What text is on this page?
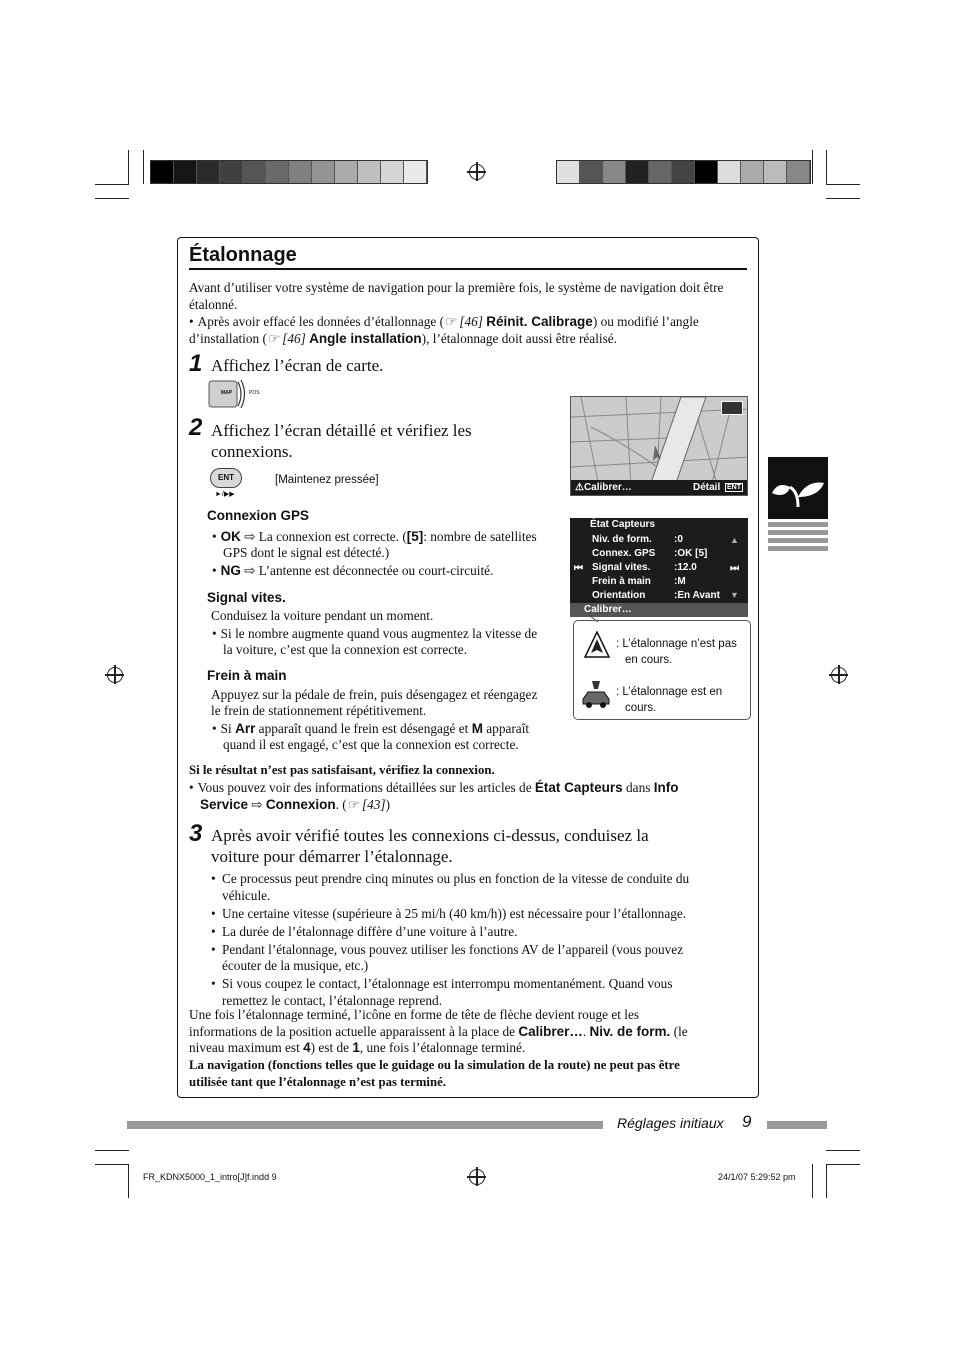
Étalonnage
Avant d’utiliser votre système de navigation pour la première fois, le système de navigation doit être étalonné.
• Après avoir effacé les données d’étallonnage (☞ [46] Réinit. Calibrage) ou modifié l’angle d’installation (☞ [46] Angle installation), l’étalonnage doit aussi être réalisé.
1 Affichez l’écran de carte.
MAP	POS
2 Affichez l’écran détaillé et vérifiez les
connexions.
ENT
►/▶▶
[Maintenez pressée]
Connexion GPS
• OK ⇨ La connexion est correcte. ([5]: nombre de satellites
GPS dont le signal est détecté.)
• NG ⇨ L’antenne est déconnectée ou court-circuité.
Signal vites.
Conduisez la voiture pendant un moment.
• Si le nombre augmente quand vous augmentez la vitesse de
la voiture, c’est que la connexion est correcte.
Frein à main
Appuyez sur la pédale de frein, puis désengagez et réengagez
le frein de stationnement répétitivement.
• Si Arr apparaît quand le frein est désengagé et M apparaît
quand il est engagé, c’est que la connexion est correcte.
Si le résultat n’est pas satisfaisant, vérifiez la connexion.
• Vous pouvez voir des informations détaillées sur les articles de État Capteurs dans Info
Service ⇨ Connexion. (☞ [43])
⚠Calibrer…	Détail ENT
État Capteurs
Niv. de form. :0
Connex. GPS :OK [5]
Signal vites. :12.0
Frein à main :M
Orientation	:En Avant
⏮	⏭
▲
▼
Calibrer…
: L’étalonnage n’est pas
en cours.
: L’étalonnage est en
cours.
3 Après avoir vérifié toutes les connexions ci-dessus, conduisez la
voiture pour démarrer l’étalonnage.
• Ce processus peut prendre cinq minutes ou plus en fonction de la vitesse de conduite du
véhicule.
• Une certaine vitesse (supérieure à 25 mi/h (40 km/h)) est nécessaire pour l’étallonnage.
• La durée de l’étalonnage diffère d’une voiture à l’autre.
• Pendant l’étalonnage, vous pouvez utiliser les fonctions AV de l’appareil (vous pouvez
écouter de la musique, etc.)
• Si vous coupez le contact, l’étalonnage est interrompu momentanément. Quand vous
remettez le contact, l’étalonnage reprend.
Une fois l’étalonnage terminé, l’icône en forme de tête de flèche devient rouge et les
informations de la position actuelle apparaissent à la place de Calibrer…. Niv. de form. (le
niveau maximum est 4) est de 1, une fois l’étalonnage terminé.
La navigation (fonctions telles que le guidage ou la simulation de la route) ne peut pas être
utilisée tant que l’étalonnage n’est pas terminé.
Réglages initiaux 9
FR_KDNX5000_1_intro[J]f.indd 9	24/1/07 5:29:52 pm
